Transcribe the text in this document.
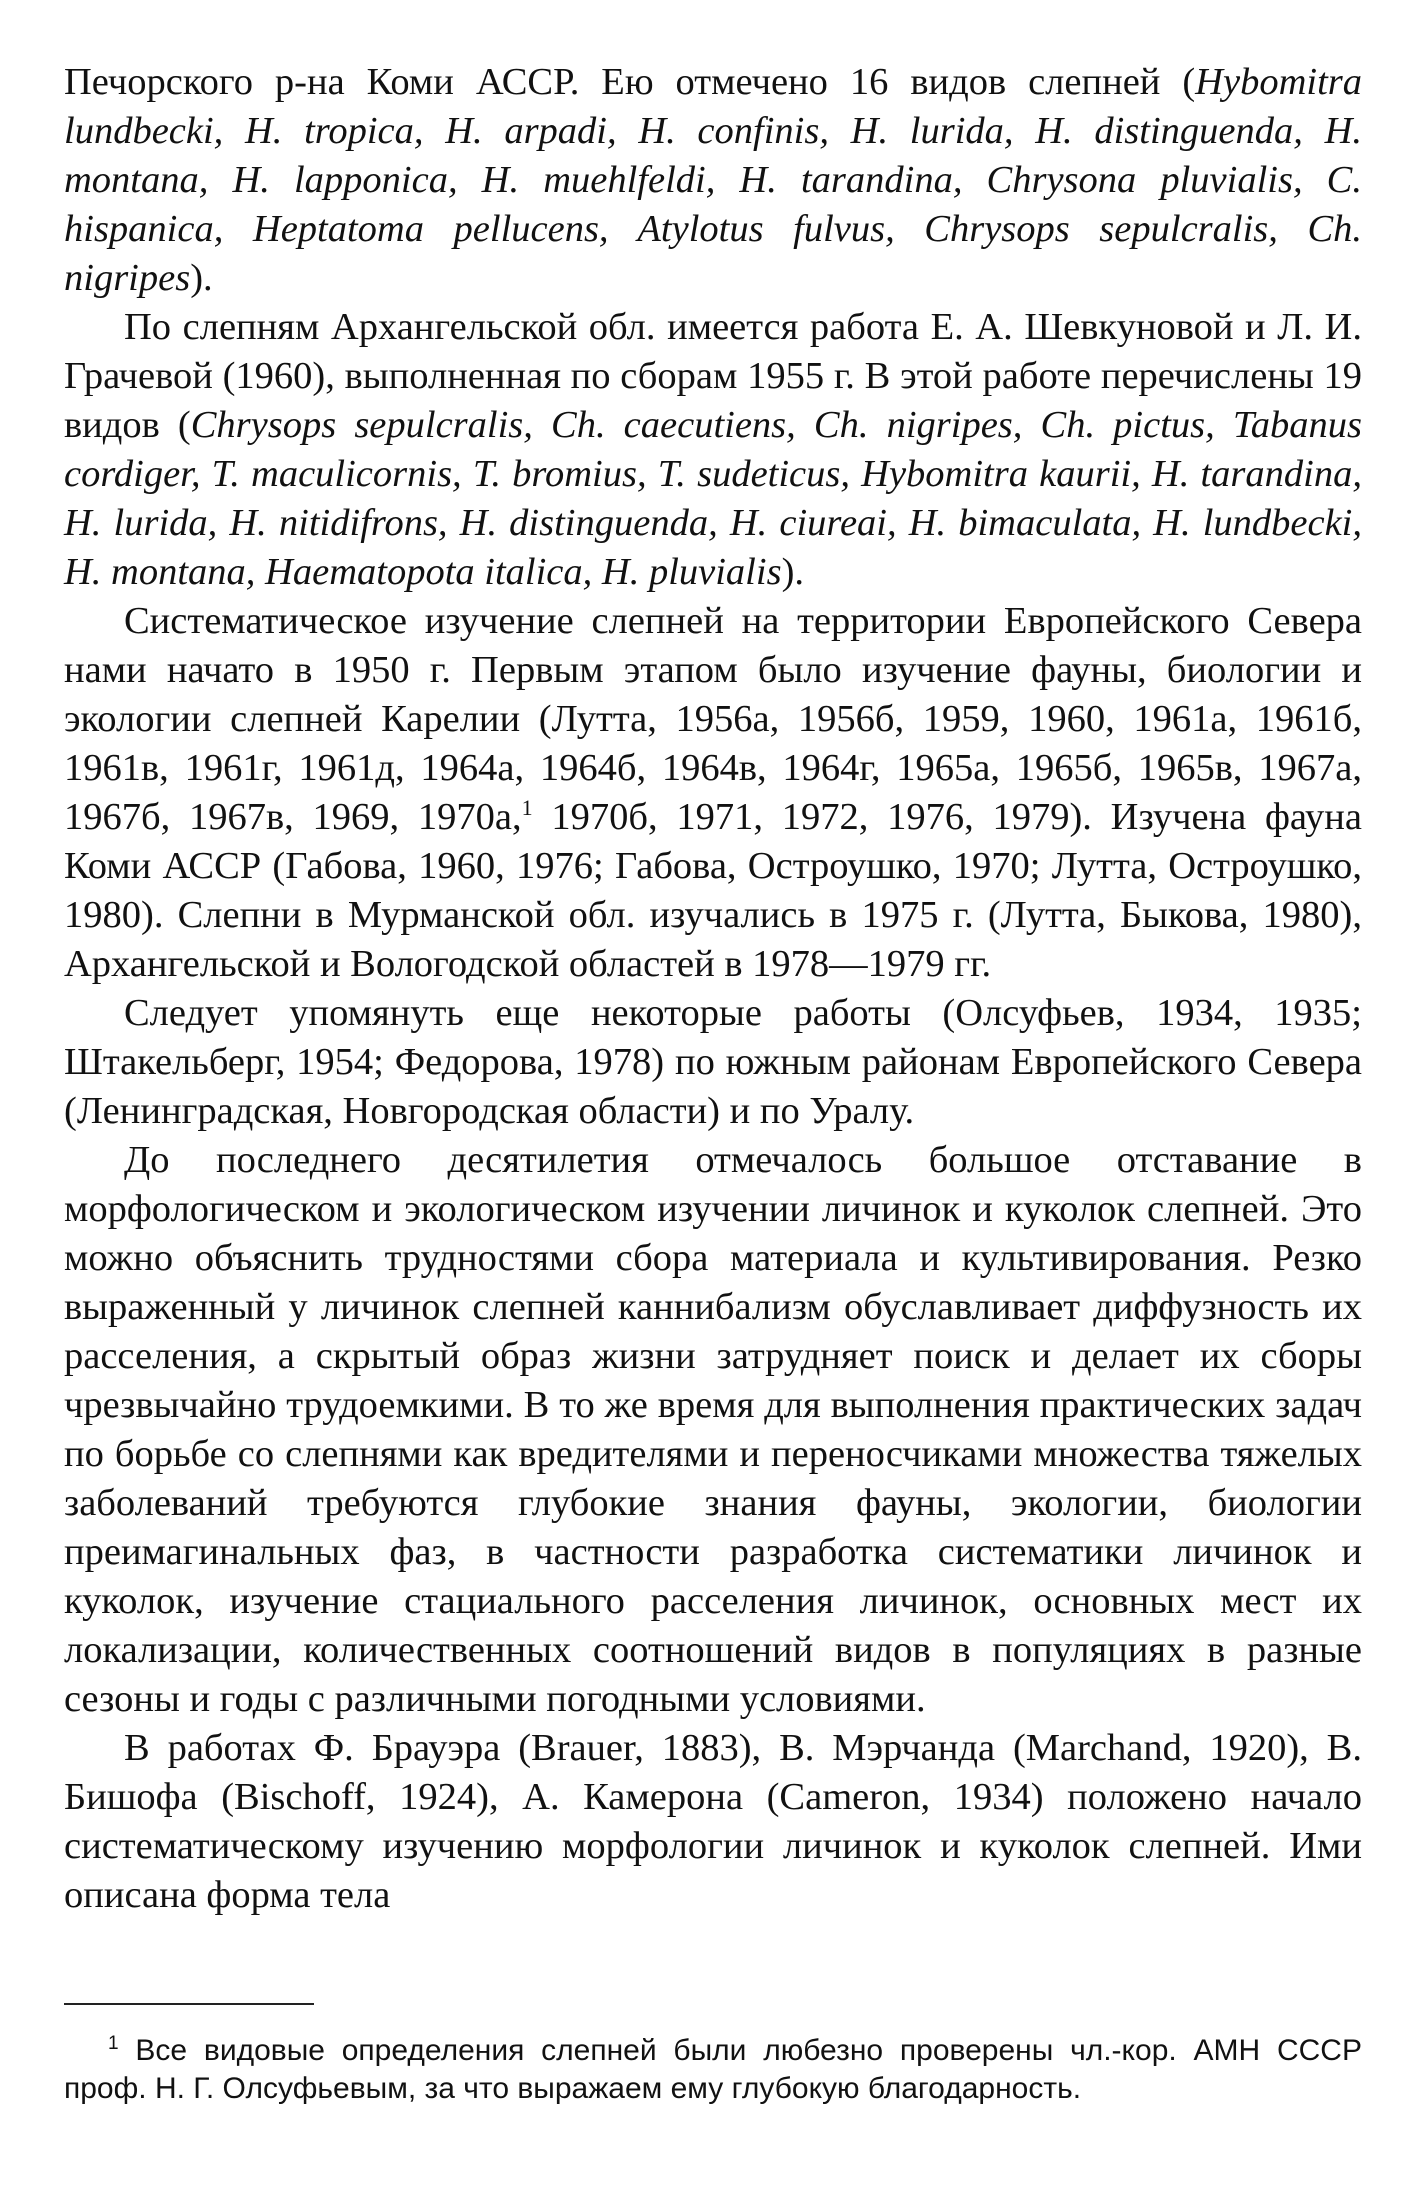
Печорского р-на Коми АССР. Ею отмечено 16 видов слепней (Hybomitra lundbecki, H. tropica, H. arpadi, H. confinis, H. lurida, H. distinguenda, H. montana, H. lapponica, H. muehlfeldi, H. tarandina, Chrysona pluvialis, C. hispanica, Heptatoma pellucens, Atylotus fulvus, Chrysops sepulcralis, Ch. nigripes).

По слепням Архангельской обл. имеется работа Е. А. Шевкуновой и Л. И. Грачевой (1960), выполненная по сборам 1955 г. В этой работе перечислены 19 видов (Chrysops sepulcralis, Ch. caecutiens, Ch. nigripes, Ch. pictus, Tabanus cordiger, T. maculicornis, T. bromius, T. sudeticus, Hybomitra kaurii, H. tarandina, H. lurida, H. nitidifrons, H. distinguenda, H. ciureai, H. bimaculata, H. lundbecki, H. montana, Haematopota italica, H. pluvialis).

Систематическое изучение слепней на территории Европейского Севера нами начато в 1950 г. Первым этапом было изучение фауны, биологии и экологии слепней Карелии (Лутта, 1956а, 1956б, 1959, 1960, 1961а, 1961б, 1961в, 1961г, 1961д, 1964а, 1964б, 1964в, 1964г, 1965а, 1965б, 1965в, 1967а, 1967б, 1967в, 1969, 1970а,$^1$ 1970б, 1971, 1972, 1976, 1979). Изучена фауна Коми АССР (Габова, 1960, 1976; Габова, Остроушко, 1970; Лутта, Остроушко, 1980). Слепни в Мурманской обл. изучались в 1975 г. (Лутта, Быкова, 1980), Архангельской и Вологодской областей в 1978—1979 гг.

Следует упомянуть еще некоторые работы (Олсуфьев, 1934, 1935; Штакельберг, 1954; Федорова, 1978) по южным районам Европейского Севера (Ленинградская, Новгородская области) и по Уралу.

До последнего десятилетия отмечалось большое отставание в морфологическом и экологическом изучении личинок и куколок слепней. Это можно объяснить трудностями сбора материала и культивирования. Резко выраженный у личинок слепней каннибализм обуславливает диффузность их расселения, а скрытый образ жизни затрудняет поиск и делает их сборы чрезвычайно трудоемкими. В то же время для выполнения практических задач по борьбе со слепнями как вредителями и переносчиками множества тяжелых заболеваний требуются глубокие знания фауны, экологии, биологии преимагинальных фаз, в частности разработка систематики личинок и куколок, изучение стациального расселения личинок, основных мест их локализации, количественных соотношений видов в популяциях в разные сезоны и годы с различными погодными условиями.

В работах Ф. Брауэра (Brauer, 1883), В. Мэрчанда (Marchand, 1920), В. Бишофа (Bischoff, 1924), А. Камерона (Cameron, 1934) положено начало систематическому изучению морфологии личинок и куколок слепней. Ими описана форма тела

$^1$ Все видовые определения слепней были любезно проверены чл.-кор. АМН СССР проф. Н. Г. Олсуфьевым, за что выражаем ему глубокую благодарность.
